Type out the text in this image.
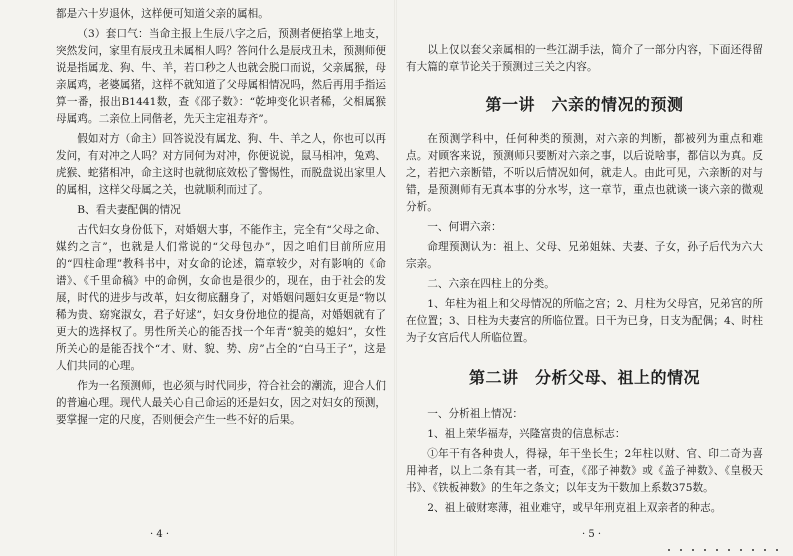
都是六十岁退休，这样便可知道父亲的属相。

（3）套口气：当命主报上生辰八字之后，预测者便掐掌上地支，突然发问，家里有辰戌丑未属相人吗？答问什么是辰戌丑未，预测师便说是指属龙、狗、牛、羊，若口秒之人也就会脱口而说，父亲属猴，母亲属鸡，老婆属猪，这样不就知道了父母属相情况吗，然后再用手指运算一番，报出B1441数，查《邵子数》：“乾坤变化识者稀，父相属猴母属鸡。二亲位上同偕老，先天主定祖寿齐”。

假如对方（命主）回答说没有属龙、狗、牛、羊之人，你也可以再发问，有对冲之人吗？对方同何为对冲，你便说说，鼠马相冲，兔鸡、虎猴、蛇猪相冲，命主这时也就彻底效松了警惕性，而脱盘说出家里人的属相，这样父母属之关，也就顺利而过了。

B、看夫妻配偶的情况

古代妇女身份低下，对婚姻大事，不能作主，完全有“父母之命、媒约之言”，也就是人们常说的“父母包办”，因之咱们目前所应用的“四柱命理”教科书中，对女命的论述，篇章较少，对有影响的《命谱》、《千里命稿》中的命例，女命也是很少的，现在，由于社会的发展，时代的进步与改革，妇女彻底翻身了，对婚姻问题妇女更是“物以稀为贵、窈窕淑女，君子好逑”，妇女身份地位的提高，对婚姻就有了更大的选择权了。男性所关心的能否找一个年青“貌美的媳妇”，女性所关心的是能否找个“才、财、貌、势、房”占全的“白马王子”，这是人们共同的心理。

作为一名预测师，也必须与时代同步，符合社会的潮流，迎合人们的普遍心理。现代人最关心自己命运的还是妇女，因之对妇女的预测，要掌握一定的尺度，否则便会产生一些不好的后果。

· 4 ·

以上仅以套父亲属相的一些江湖手法，简介了一部分内容，下面还得留有大篇的章节论关于预测过三关之内容。

第一讲　六亲的情况的预测

在预测学科中，任何种类的预测，对六亲的判断，都被列为重点和难点。对顾客来说，预测师只要断对六亲之事，以后说啥事，都信以为真。反之，若把六亲断错，不听以后情况如何，就走人。由此可见，六亲断的对与错，是预测师有无真本事的分水岑，这一章节，重点也就谈一谈六亲的微观分析。

一、何谓六亲：

命理预测认为：祖上、父母、兄弟姐妹、夫妻、子女，孙子后代为六大宗亲。

二、六亲在四柱上的分类。

1、年柱为祖上和父母情况的所临之宫；2、月柱为父母宫，兄弟宫的所在位置；3、日柱为夫妻宫的所临位置。日干为已身，日支为配偶；4、时柱为子女宫后代人所临位置。

第二讲　分析父母、祖上的情况

一、分析祖上情况：

1、祖上荣华福寿，兴隆富贵的信息标志：

①年干有各种贵人，得禄，年干坐长生；2年柱以财、官、印二奇为喜用神者，以上二条有其一者，可查，《邵子神数》或《盖子神数》、《皇极天书》、《铁板神数》的生年之条文；以年支为干数加上系数375数。

2、祖上破财寒薄，祖业难守，或早年刑克祖上双亲者的种志。

· 5 ·
